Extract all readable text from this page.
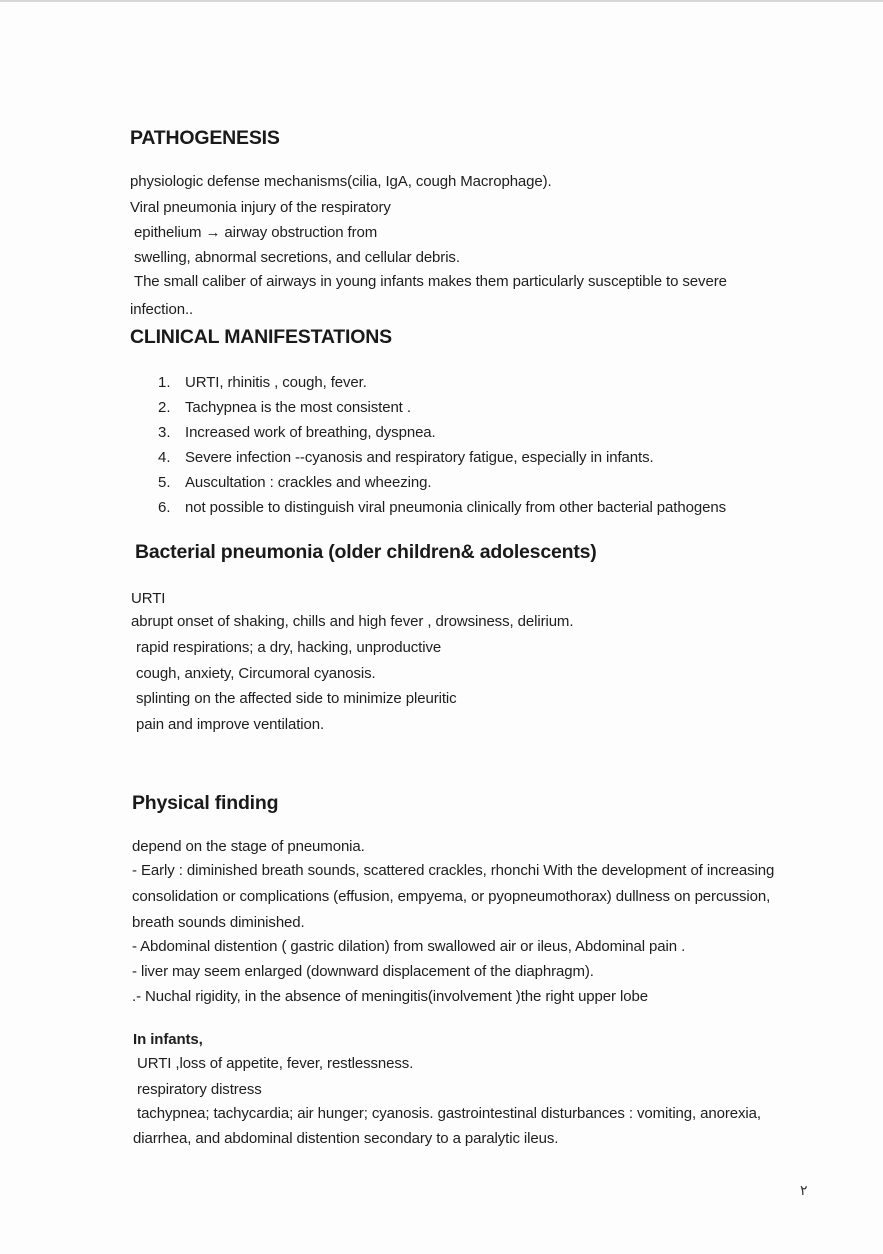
PATHOGENESIS
physiologic defense mechanisms(cilia, IgA, cough Macrophage).
Viral pneumonia injury of the respiratory
epithelium → airway obstruction from
swelling, abnormal secretions, and cellular debris.
The small caliber of airways in young infants makes them particularly susceptible to severe
infection..
CLINICAL MANIFESTATIONS
1. URTI, rhinitis , cough, fever.
2. Tachypnea is the most consistent .
3. Increased work of breathing, dyspnea.
4. Severe infection --cyanosis and respiratory fatigue, especially in infants.
5. Auscultation : crackles and wheezing.
6. not possible to distinguish viral pneumonia clinically from other bacterial pathogens
Bacterial pneumonia (older children& adolescents)
URTI
abrupt onset of shaking, chills and high fever , drowsiness, delirium.
rapid respirations; a dry, hacking, unproductive
cough, anxiety, Circumoral cyanosis.
splinting on the affected side to minimize pleuritic
pain and improve ventilation.
Physical finding
depend on the stage of pneumonia.
- Early : diminished breath sounds, scattered crackles, rhonchi With the development of increasing
consolidation or complications (effusion, empyema, or pyopneumothorax) dullness on percussion,
breath sounds diminished.
- Abdominal distention ( gastric dilation) from swallowed air or ileus, Abdominal pain .
- liver may seem enlarged (downward displacement of the diaphragm).
.- Nuchal rigidity, in the absence of meningitis(involvement )the right upper lobe
In infants,
URTI ,loss of appetite, fever, restlessness.
respiratory distress
tachypnea; tachycardia; air hunger; cyanosis. gastrointestinal disturbances : vomiting, anorexia,
diarrhea, and abdominal distention secondary to a paralytic ileus.
٢
